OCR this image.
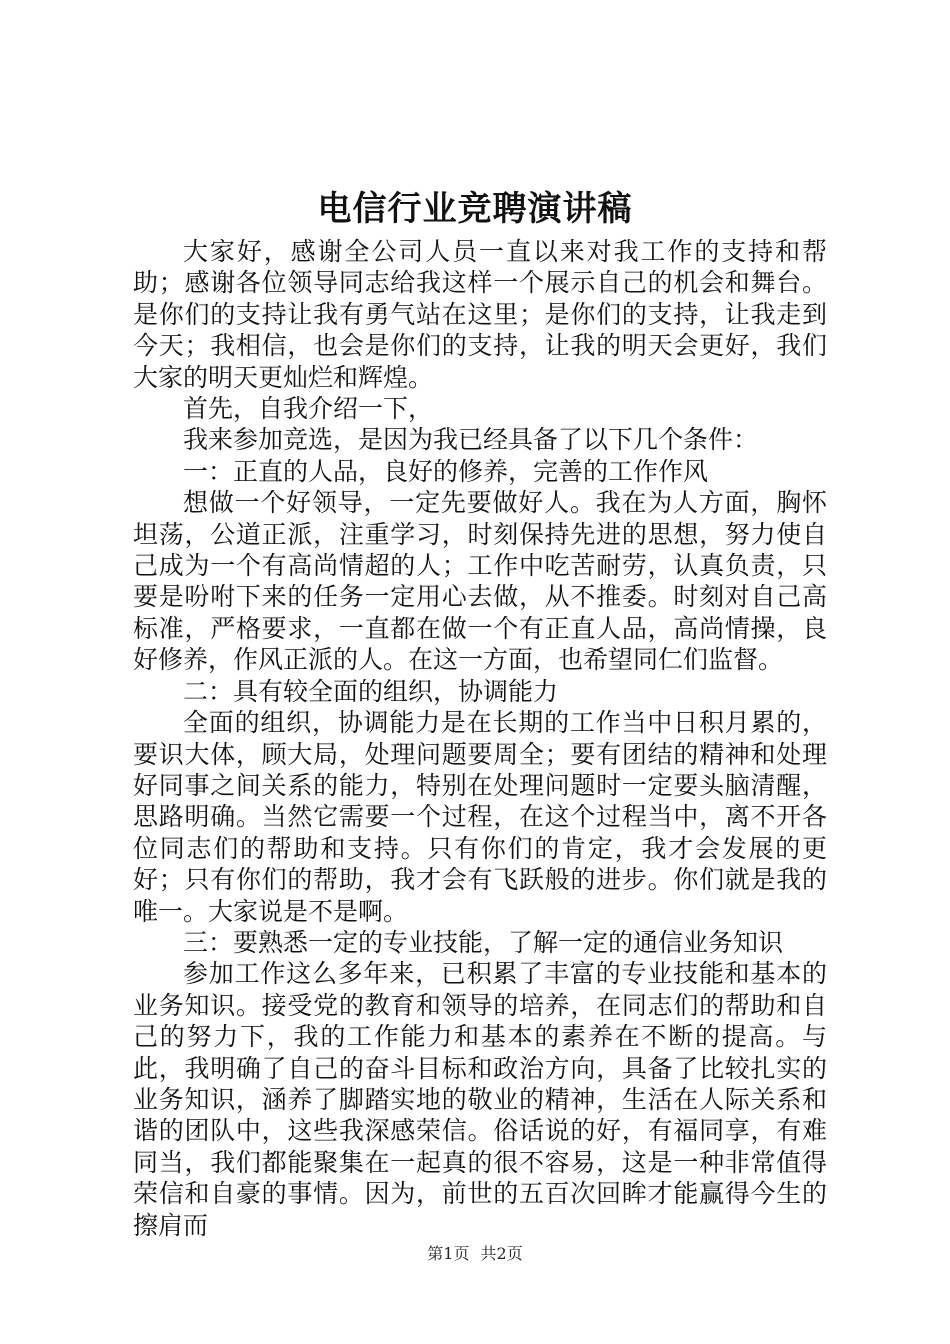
电信行业竞聘演讲稿

大家好，感谢全公司人员一直以来对我工作的支持和帮助；感谢各位领导同志给我这样一个展示自己的机会和舞台。是你们的支持让我有勇气站在这里；是你们的支持，让我走到今天；我相信，也会是你们的支持，让我的明天会更好，我们大家的明天更灿烂和辉煌。

首先，自我介绍一下，

我来参加竞选，是因为我已经具备了以下几个条件：

一：正直的人品，良好的修养，完善的工作作风

想做一个好领导，一定先要做好人。我在为人方面，胸怀坦荡，公道正派，注重学习，时刻保持先进的思想，努力使自己成为一个有高尚情超的人；工作中吃苦耐劳，认真负责，只要是吩咐下来的任务一定用心去做，从不推委。时刻对自己高标准，严格要求，一直都在做一个有正直人品，高尚情操，良好修养，作风正派的人。在这一方面，也希望同仁们监督。

二：具有较全面的组织，协调能力

全面的组织，协调能力是在长期的工作当中日积月累的，要识大体，顾大局，处理问题要周全；要有团结的精神和处理好同事之间关系的能力，特别在处理问题时一定要头脑清醒，思路明确。当然它需要一个过程，在这个过程当中，离不开各位同志们的帮助和支持。只有你们的肯定，我才会发展的更好；只有你们的帮助，我才会有飞跃般的进步。你们就是我的唯一。大家说是不是啊。

三：要熟悉一定的专业技能，了解一定的通信业务知识

参加工作这么多年来，已积累了丰富的专业技能和基本的业务知识。接受党的教育和领导的培养，在同志们的帮助和自己的努力下，我的工作能力和基本的素养在不断的提高。与此，我明确了自己的奋斗目标和政治方向，具备了比较扎实的业务知识，涵养了脚踏实地的敬业的精神，生活在人际关系和谐的团队中，这些我深感荣信。俗话说的好，有福同享，有难同当，我们都能聚集在一起真的很不容易，这是一种非常值得荣信和自豪的事情。因为，前世的五百次回眸才能赢得今生的擦肩而

第1页 共2页
